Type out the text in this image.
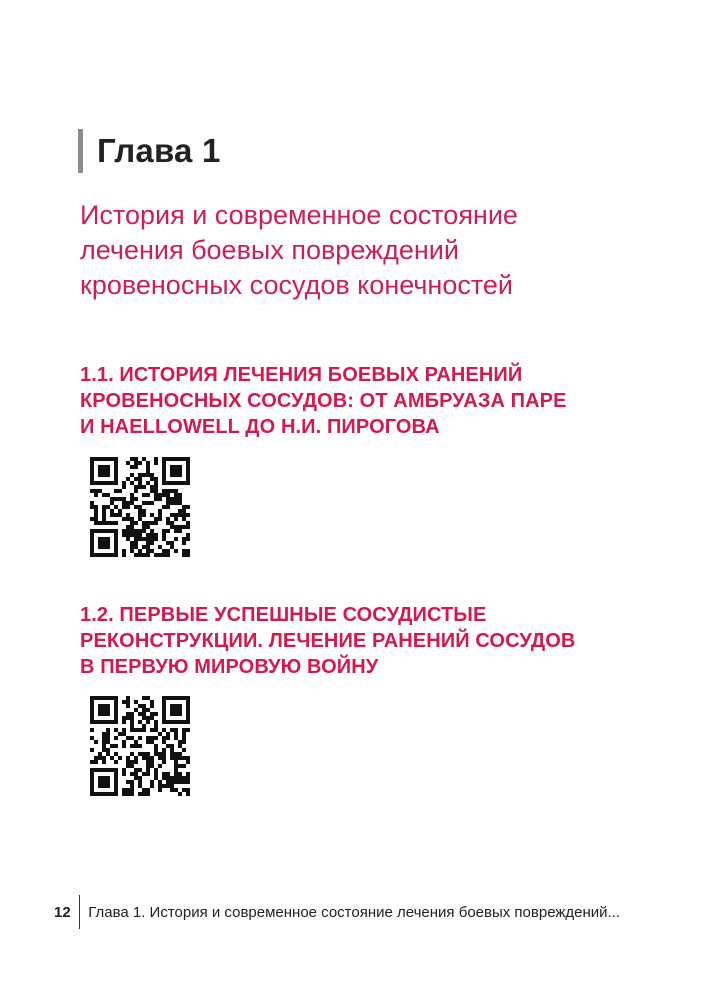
Глава 1
История и современное состояние
лечения боевых повреждений
кровеносных сосудов конечностей
1.1. ИСТОРИЯ ЛЕЧЕНИЯ БОЕВЫХ РАНЕНИЙ
КРОВЕНОСНЫХ СОСУДОВ: ОТ АМБРУАЗА ПАРЕ
И HAELLOWELL ДО Н.И. ПИРОГОВА
1.2. ПЕРВЫЕ УСПЕШНЫЕ СОСУДИСТЫЕ
РЕКОНСТРУКЦИИ. ЛЕЧЕНИЕ РАНЕНИЙ СОСУДОВ
В ПЕРВУЮ МИРОВУЮ ВОЙНУ
12 Глава 1. История и современное состояние лечения боевых повреждений...
